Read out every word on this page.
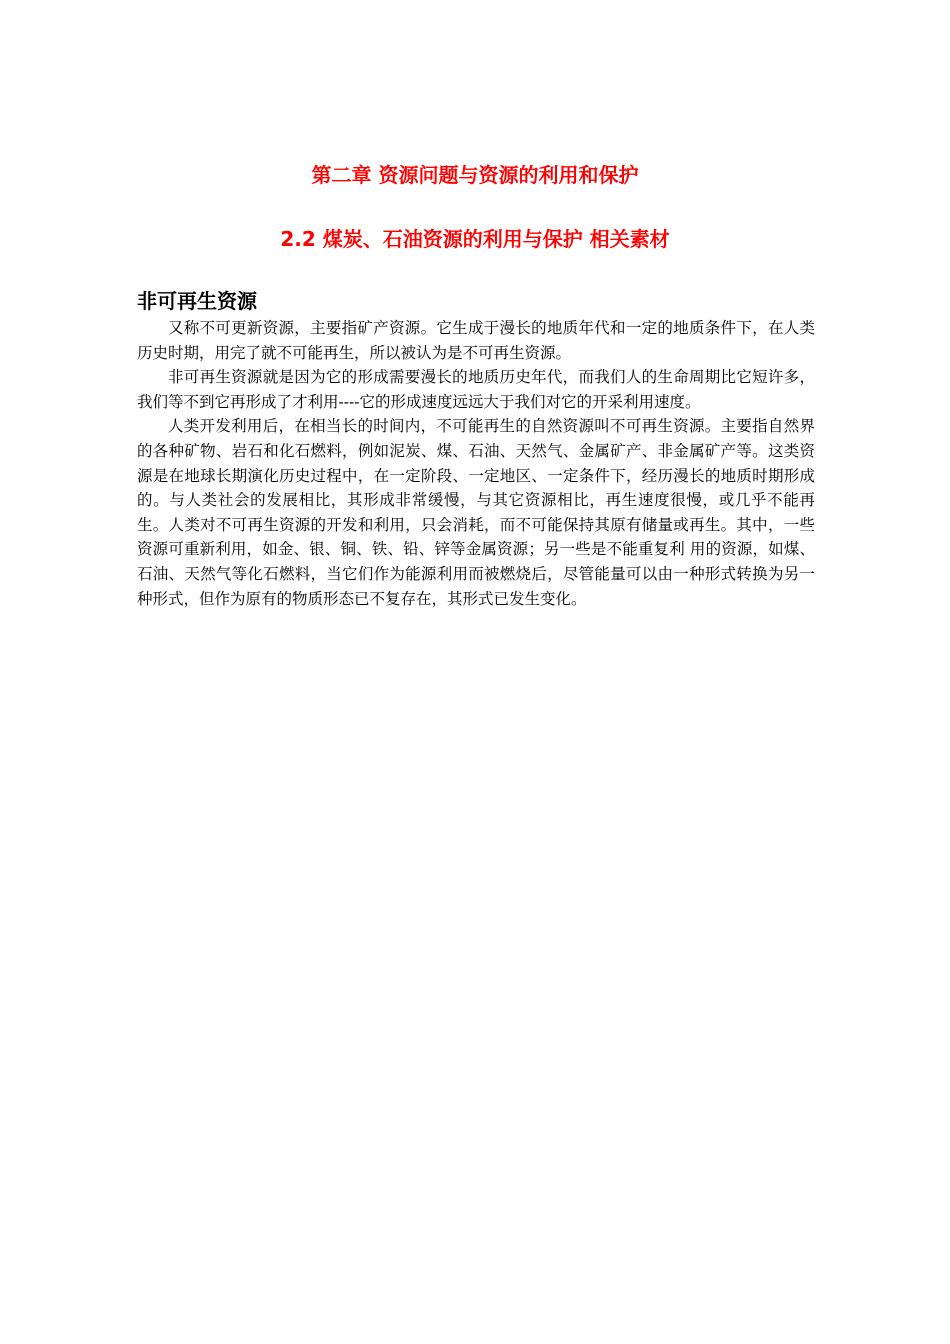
第二章 资源问题与资源的利用和保护
2.2 煤炭、石油资源的利用与保护 相关素材
非可再生资源

又称不可更新资源，主要指矿产资源。它生成于漫长的地质年代和一定的地质条件下，在人类历史时期，用完了就不可能再生，所以被认为是不可再生资源。

非可再生资源就是因为它的形成需要漫长的地质历史年代，而我们人的生命周期比它短许多，我们等不到它再形成了才利用----它的形成速度远远大于我们对它的开采利用速度。

人类开发利用后，在相当长的时间内，不可能再生的自然资源叫不可再生资源。主要指自然界的各种矿物、岩石和化石燃料，例如泥炭、煤、石油、天然气、金属矿产、非金属矿产等。这类资源是在地球长期演化历史过程中，在一定阶段、一定地区、一定条件下，经历漫长的地质时期形成的。与人类社会的发展相比，其形成非常缓慢，与其它资源相比，再生速度很慢，或几乎不能再生。人类对不可再生资源的开发和利用，只会消耗，而不可能保持其原有储量或再生。其中，一些资源可重新利用，如金、银、铜、铁、铅、锌等金属资源；另一些是不能重复利 用的资源，如煤、石油、天然气等化石燃料，当它们作为能源利用而被燃烧后，尽管能量可以由一种形式转换为另一种形式，但作为原有的物质形态已不复存在，其形式已发生变化。
